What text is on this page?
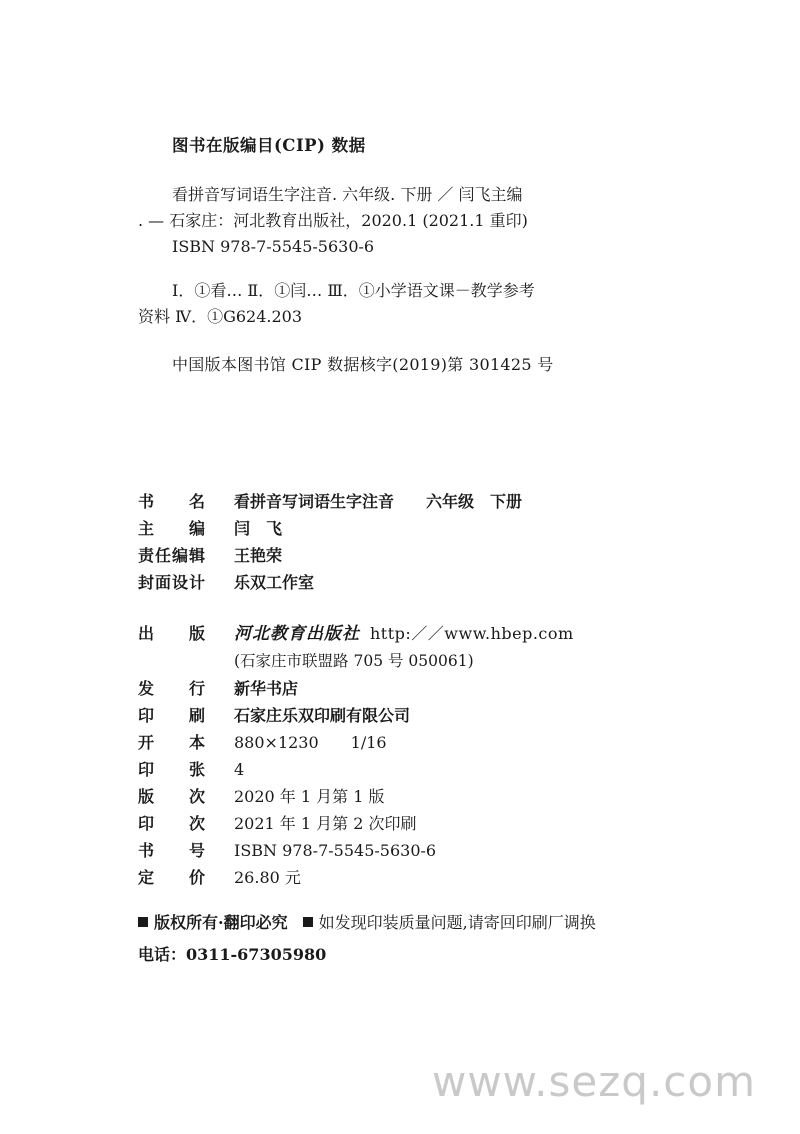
图书在版编目(CIP) 数据
看拼音写词语生字注音. 六年级. 下册 ／ 闫飞主编
. — 石家庄：河北教育出版社，2020.1 (2021.1 重印)
ISBN 978-7-5545-5630-6
Ⅰ．①看… Ⅱ．①闫… Ⅲ．①小学语文课－教学参考
资料 Ⅳ．①G624.203
中国版本图书馆 CIP 数据核字(2019)第 301425 号
书　　名	看拼音写词语生字注音　　六年级　下册
主　　编	闫　飞
责任编辑	王艳荣
封面设计	乐双工作室
出　　版	河北教育出版社 http:／／www.hbep.com
(石家庄市联盟路 705 号 050061)
发　　行	新华书店
印　　刷	石家庄乐双印刷有限公司
开　　本	880×1230　　1/16
印　　张	4
版　　次	2020 年 1 月第 1 版
印　　次	2021 年 1 月第 2 次印刷
书　　号	ISBN 978-7-5545-5630-6
定　　价	26.80 元
版权所有·翻印必究 如发现印装质量问题,请寄回印刷厂调换
电话：0311-67305980
www.sezq.com
